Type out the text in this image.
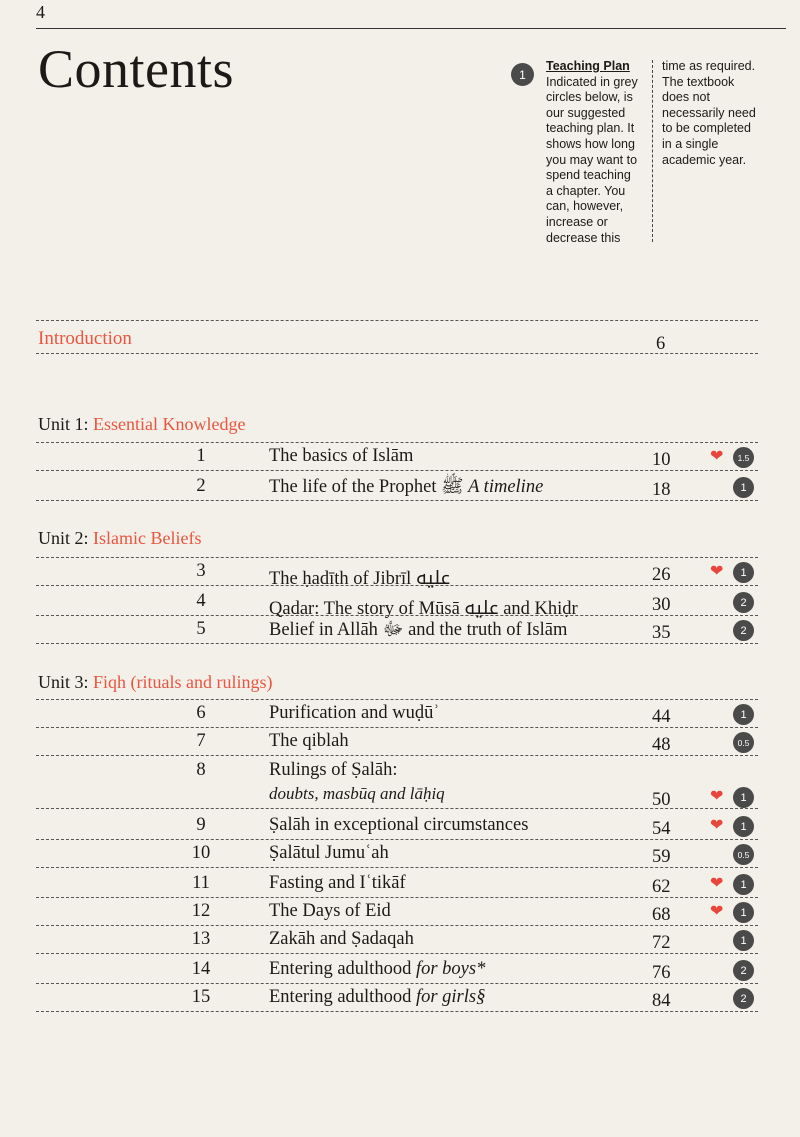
4
Contents	1
Teaching Plan
Indicated in grey
circles below, is
our suggested
teaching plan. It
shows how long
you may want to
spend teaching
a chapter. You
can, however,
increase or
decrease this
time as required.
The textbook
does not
necessarily need
to be completed
in a single
academic year.
Introduction	6
Unit 1: Essential Knowledge
Unit 2: Islamic Beliefs
Unit 3: Fiqh (rituals and rulings)
1	The basics of Islām	10	❤	1.5
2	The life of the Prophet ﷺ A timeline	18	1
3	The ḥadīth of Jibrīl ﷷ	26	❤	1
4	Qadar: The story of Mūsā ﷷ and Khiḍr	30	2
5	Belief in Allāh ﷻ and the truth of Islām	35	2
6	Purification and wuḍūʾ	44	1
7	The qiblah	48	0.5
8	Rulings of Ṣalāh:
doubts, masbūq and lāḥiq	50	❤	1
9	Ṣalāh in exceptional circumstances	54	❤	1
10	Ṣalātul Jumuʿah	59	0.5
11	Fasting and Iʿtikāf	62	❤	1
12	The Days of Eid	68	❤	1
13	Zakāh and Ṣadaqah	72	1
14	Entering adulthood for boys*	76	2
15	Entering adulthood for girls§	84	2
